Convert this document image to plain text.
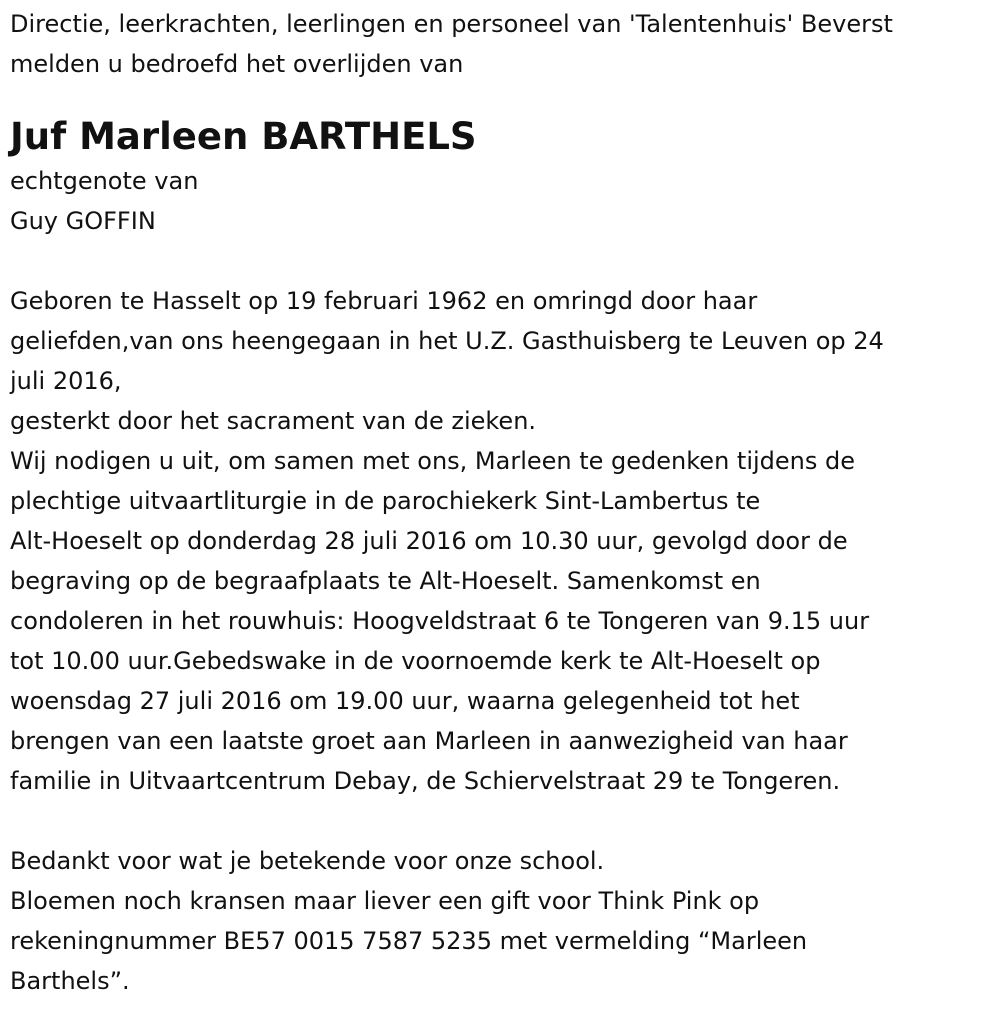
Directie, leerkrachten, leerlingen en personeel van 'Talentenhuis' Beverst

melden u bedroefd het overlijden van

Juf Marleen BARTHELS

echtgenote van

Guy GOFFIN

Geboren te Hasselt op 19 februari 1962 en omringd door haar

geliefden,van ons heengegaan in het U.Z. Gasthuisberg te Leuven op 24

juli 2016,

gesterkt door het sacrament van de zieken.

Wij nodigen u uit, om samen met ons, Marleen te gedenken tijdens de

plechtige uitvaartliturgie in de parochiekerk Sint-Lambertus te

Alt-Hoeselt op donderdag 28 juli 2016 om 10.30 uur, gevolgd door de

begraving op de begraafplaats te Alt-Hoeselt. Samenkomst en

condoleren in het rouwhuis: Hoogveldstraat 6 te Tongeren van 9.15 uur

tot 10.00 uur.Gebedswake in de voornoemde kerk te Alt-Hoeselt op

woensdag 27 juli 2016 om 19.00 uur, waarna gelegenheid tot het

brengen van een laatste groet aan Marleen in aanwezigheid van haar

familie in Uitvaartcentrum Debay, de Schiervelstraat 29 te Tongeren.

Bedankt voor wat je betekende voor onze school.

Bloemen noch kransen maar liever een gift voor Think Pink op

rekeningnummer BE57 0015 7587 5235 met vermelding “Marleen

Barthels”.
